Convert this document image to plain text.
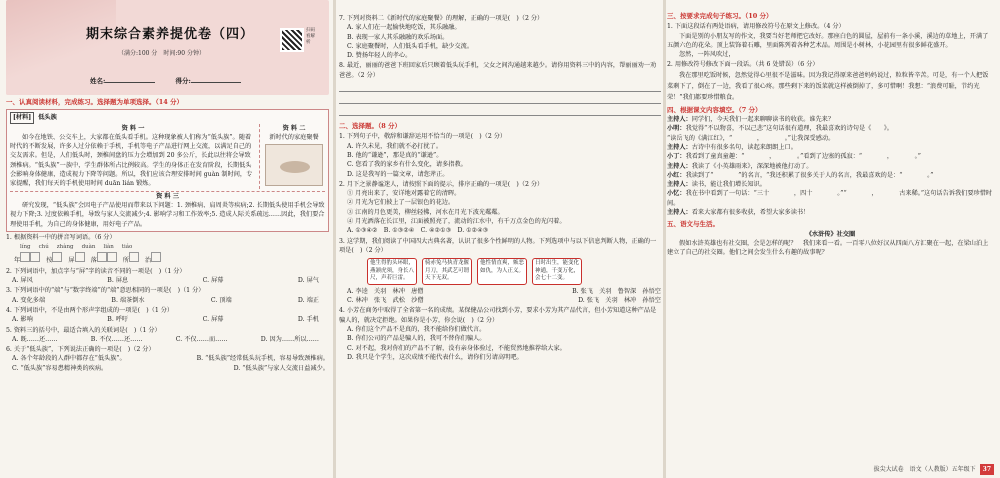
期末综合素养提优卷（四）
（满分:100 分　时间:90 分钟）
扫码看解析
姓名:	得分:
一、认真阅读材料，完成练习。选择题为单项选择。（14 分）
[材料] 低头族
资 料 一
如今在地铁、公交车上，大家都在低头看手机。这种现象被人们称为“低头族”。随着时代的不断发展，许多人过分依赖于手机，手机等电子产品进行网上交流，以满足自己的交友需求。但是，人们低头时，颈椎间盘的压力会增加到 20 多公斤，长此以往将会导致颈椎病。“低头族”一族中，学生群体所占比例较高。学生的身体正在发育阶段，长期低头会影响身体健康，造成视力下降等问题。所以，我们应该合理安排时间 guàn 制时间，专家提醒，我们每天的手机使用时间 duān lián 锻炼。
资 料 二
新时代的家庭聚餐
资 料 三
研究发现，“低头族”会因电子产品使用而带来以下问题：1. 颈椎病、肩周炎等疾病;2. 长期低头使用手机会导致视力下降;3. 过度依赖手机，导致与家人交流减少;4. 影响学习和工作效率;5. 造成人际关系疏远……因此，我们要合理使用手机，为自己的身体健康，用好电子产品。
1. 根据资料一中的拼音写词语。（6 分）
líng chú zhàng duàn liàn tiáo
年	按	屏	落	所	治
2. 下列词语中，加点字与“屏”字的读音不同的一项是(　)（1 分）
A. 屏风	B. 屏息	C. 屏幕	D. 屏气
3. 下列词语中的“端”与“数字终端”的“端”意思相同的一项是(　)（1 分）
A. 变化多端	B. 端茶倒水	C. 顶端	D. 端正
4. 下列词语中，不是由两个形声字组成的一项是(　)（1 分）
A. 影响	B. 呼吁	C. 屏幕	D. 手机
5. 资料三的括号中，最适合填入的关联词是(　)（1 分）
A. 既……还……	B. 不仅……还……	C. 不仅……而……	D. 因为……所以……
6. 关于“低头族”，下列说法正确的一项是(　)（2 分）
A. 各个年龄段的人群中都存在“低头族”。	B. “低头族”经常低头玩手机，容易导致颈椎病。
C. “低头族”容易患精神类的疾病。	D. “低头族”与家人交流日益减少。
7. 下列对资料二《新时代的家庭聚餐》的理解，正确的一项是(　)（2 分）
A. 家人们在一起愉快地吃饭，其乐融融。
B. 表现一家人其乐融融的欢乐场面。
C. 家庭聚餐时，人们低头看手机，缺少交流。
D. 赞扬年轻人的孝心。
8. 最近，丽丽的爸爸下班回家后只顾着低头玩手机，父女之间沟通越来越少。请你用资料三中的内容，帮丽丽劝一劝爸爸。（2 分）
二、选择题。（8 分）
1. 下列句子中，敬辞和谦辞运用不恰当的一项是(　)（2 分）
A. 许久未见，我们就不必打扰了。
B. 他的“谦逊”，那是真的“谦逊”。
C. 您看了我的家乡有什么变化，请多指教。
D. 这是我写的一篇文章，请您斧正。
2. 月下之景静谧迷人，请按照下面的提示，排序正确的一项是(　)（2 分）
① 月亮出来了，安详地对露着它的清晖。
② 月光为它们披上了一层银色的花边。
③ 江南的月色更美，柳丝轻拂，河水在月光下波光粼粼。
④ 月光洒落在长江里，江面被照亮了，流动的江水中，有千万点金色的光闪着。
A. ①③④②　B. ①③②④　C. ④②①③　D. ①②④③
3. 这学期，我们阅读了中国四大古典名著，认识了很多个性鲜明的人物。下列选项中与以下信息判断人物，正确的一项是(　)（2 分）
他生得豹头环眼，燕颔虎须，身长八尺，声若巨雷。
骑赤兔马执青龙偃月刀，其武艺可谓天下无双。
他性情直爽，嫉恶如仇，为人正义。
日时出生，能变化神通，千变万化，会七十二变。
A. 李逵　关羽　林冲　唐僧	B. 张飞　关羽　鲁智深　孙悟空
C. 林冲　张飞　武松　沙僧	D. 张飞　关羽　林冲　孙悟空
4. 小芳在商务中取得了全省第一名的成绩。某保健品公司找到小芳，要求小芳为其产品代言，但小芳知道这种产品是骗人的，就决定拒绝。如果你是小芳，你会说(　)（2 分）
A. 你们这个产品不是真的，我不能给你们做代言。
B. 你们公司的产品是骗人的，我可不替你们骗人。
C. 对不起，我对你们的产品不了解，没有亲身体验过，不能贸然地推荐给大家。
D. 我只是个学生，这次成绩不能代表什么，请你们另请高明吧。
三、按要求完成句子练习。（10 分）
1. 下面这段话有两处语病，请用修改符号在原文上修改。（4 分）
下面是别的小朋友写的作文，我要当好老师把它改好。那座白色的圆屋，屋前有一条小溪，溪边的草地上，开满了五颜六色的花朵。顶上装饰着石雕，里面陈列着各种艺术品。周围是小树林，小花园里有很多鲜花盛开。
忽然，一阵风吹过，
2. 用修改符号修改下面一段话。（共 6 处错误）（6 分）
我在那里吃饭时候，忽然觉得心里很不是滋味。因为我记得原来爸爸妈妈说过，粒粒皆辛苦。可是，有一个人把饭菜剩下了，倒在了一边，我看了很心疼。那些剩下来的饭菜就这样被倒掉了，多可惜啊！我想：“浪费可耻，节约光荣！”我们都要珍惜粮食。
四、根据课文内容填空。（7 分）
主持人：同学们，今天我们一起来聊聊读书的收获。谁先来？
小明：我觉得“不以物喜，不以己悲”这句话很有道理，我最喜欢的诗句是《　　》。
“读岳飞的《满江红》，“　　　　，　　　　。”让我深受感动。
主持人：古诗中有很多名句，读起来朗朗上口。
小丁：我看到了童真童趣：“　　　　，　　　　。”看到了边塞的孤寂：“　　　　，　　　　。”
主持人：我读了《小英雄雨来》，深深地被他打动了。
小红：我读到了“　　　　”的名言，“我还积累了很多关于人的名言，我最喜欢的是：“　　　　。”
主持人：读书，能让我们增长知识。
小忆：我在书中看到了一句话：“三十　　　　，四十　　　　。”“　　　　，　　　　古来稀。”这句话告诉我们要珍惜时间。
主持人：看来大家都有很多收获，希望大家多读书！
五、语文与生活。
《水浒传》社交圈
假如水浒英雄也有社交圈，会是怎样的呢？　我们来看一看。一百零八位好汉从四面八方汇聚在一起，在梁山泊上建立了自己的社交圈。他们之间会发生什么有趣的故事呢？
拔尖大试卷　语文（人教版）五年级下 37
